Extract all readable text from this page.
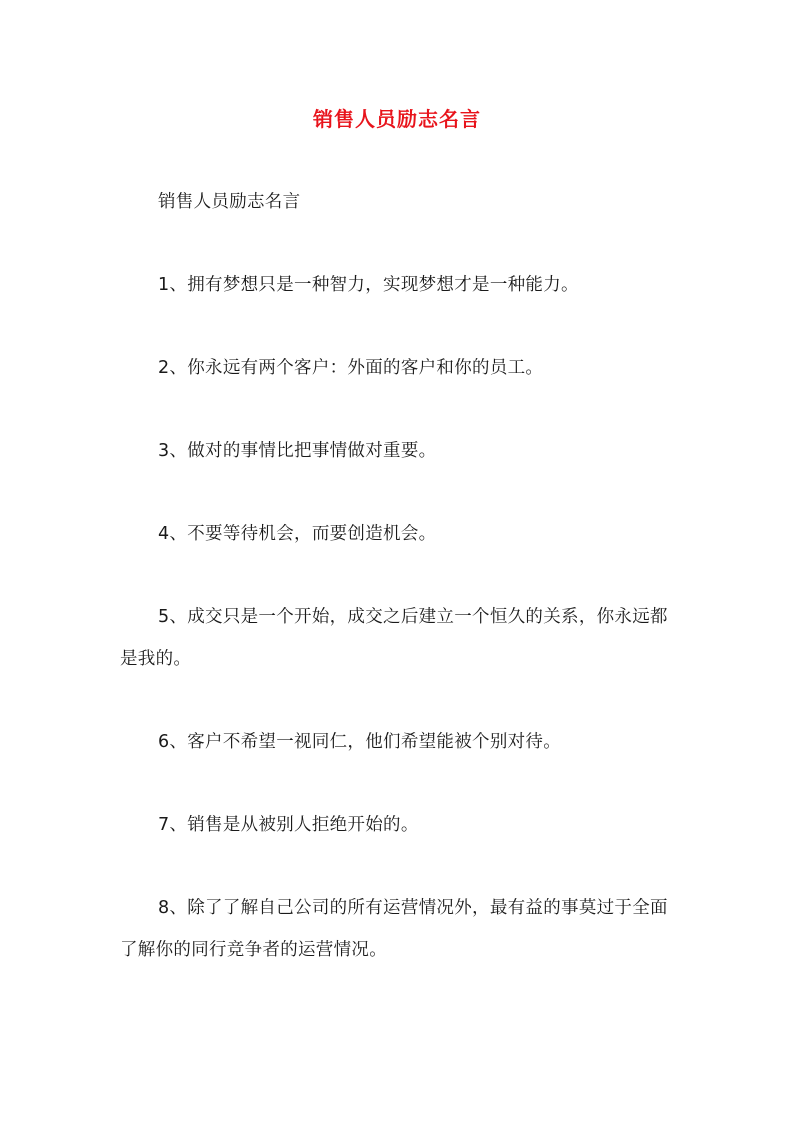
销售人员励志名言

销售人员励志名言

1、拥有梦想只是一种智力，实现梦想才是一种能力。

2、你永远有两个客户：外面的客户和你的员工。

3、做对的事情比把事情做对重要。

4、不要等待机会，而要创造机会。

5、成交只是一个开始，成交之后建立一个恒久的关系，你永远都是我的。

6、客户不希望一视同仁，他们希望能被个别对待。

7、销售是从被别人拒绝开始的。

8、除了了解自己公司的所有运营情况外，最有益的事莫过于全面了解你的同行竞争者的运营情况。
